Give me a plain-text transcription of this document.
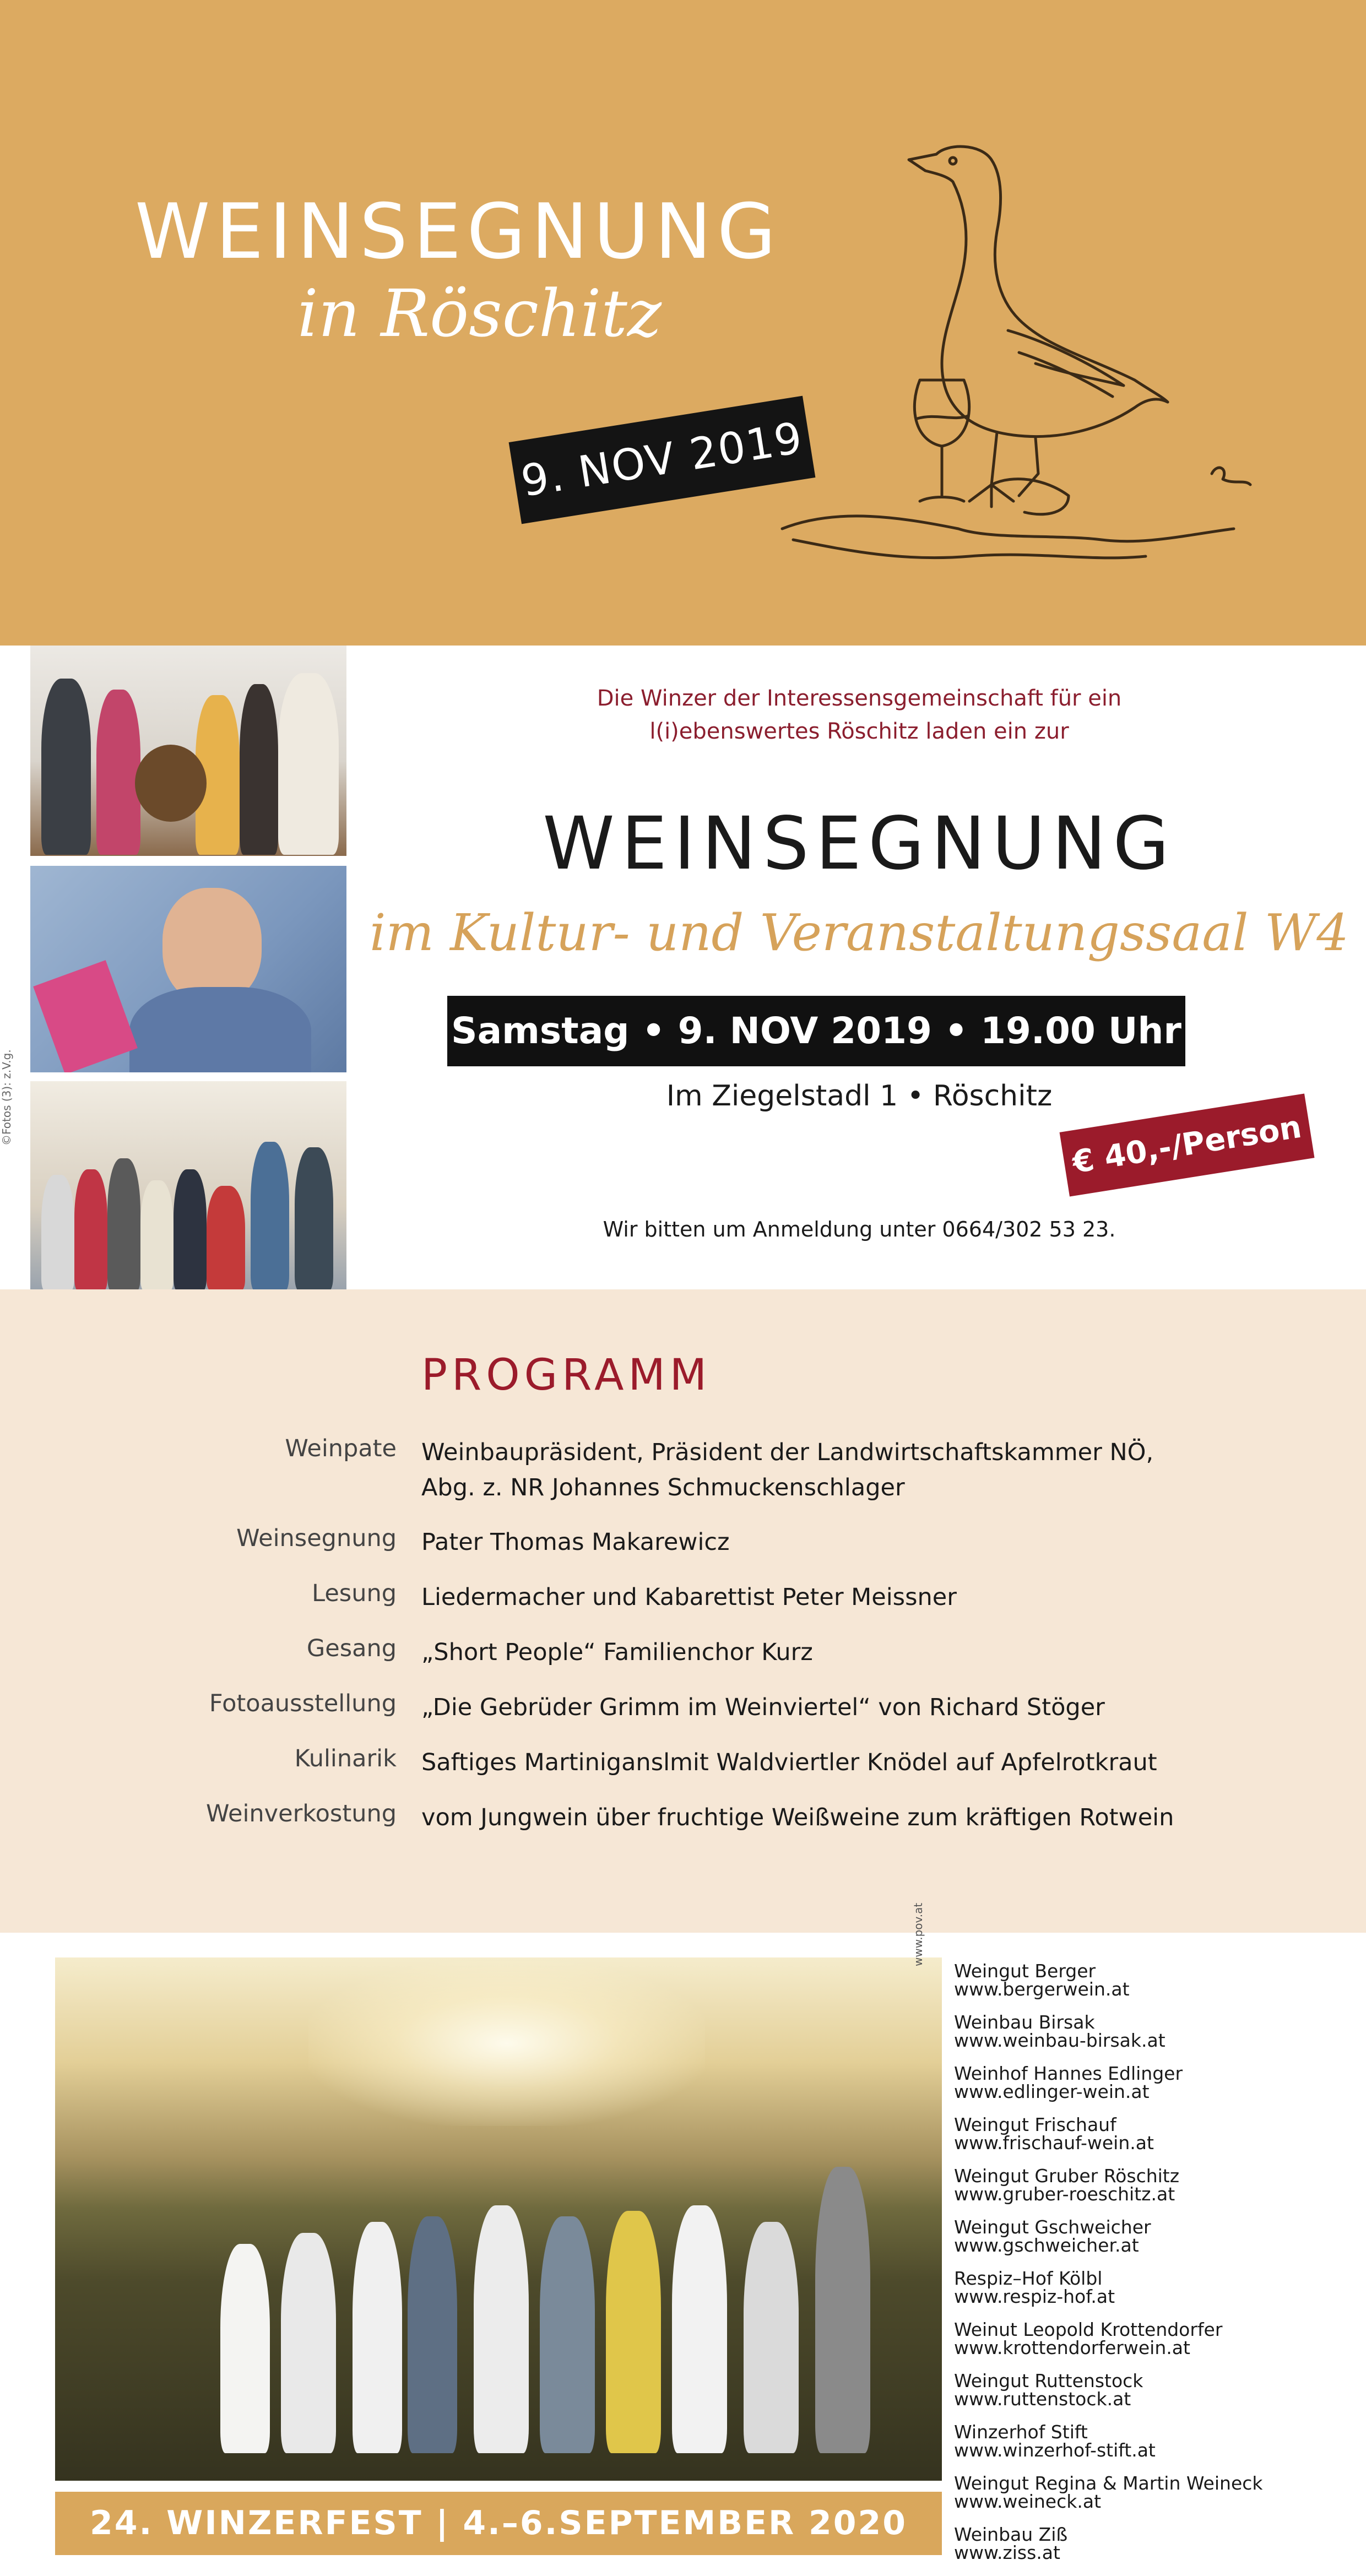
WEINSEGNUNG
in Röschitz
9. NOV 2019
©Fotos (3): z.V.g.
Die Winzer der Interessensgemeinschaft für ein
l(i)ebenswertes Röschitz laden ein zur
WEINSEGNUNG
im Kultur- und Veranstaltungssaal W4
Samstag • 9. NOV 2019 • 19.00 Uhr
Im Ziegelstadl 1 • Röschitz
€ 40,-/Person
Wir bitten um Anmeldung unter 0664/302 53 23.
PROGRAMM
Weinpate Weinbaupräsident, Präsident der Landwirtschaftskammer NÖ,
Abg. z. NR Johannes Schmuckenschlager
Weinsegnung Pater Thomas Makarewicz
Lesung Liedermacher und Kabarettist Peter Meissner
Gesang „Short People“ Familienchor Kurz
Fotoausstellung „Die Gebrüder Grimm im Weinviertel“ von Richard Stöger
Kulinarik Saftiges Martiniganslmit Waldviertler Knödel auf Apfelrotkraut
Weinverkostung vom Jungwein über fruchtige Weißweine zum kräftigen Rotwein
www.pov.at
24. WINZERFEST | 4.–6.SEPTEMBER 2020
Weingut Berger
www.bergerwein.at
Weinbau Birsak
www.weinbau-birsak.at
Weinhof Hannes Edlinger
www.edlinger-wein.at
Weingut Frischauf
www.frischauf-wein.at
Weingut Gruber Röschitz
www.gruber-roeschitz.at
Weingut Gschweicher
www.gschweicher.at
Respiz–Hof Kölbl
www.respiz-hof.at
Weinut Leopold Krottendorfer
www.krottendorferwein.at
Weingut Ruttenstock
www.ruttenstock.at
Winzerhof Stift
www.winzerhof-stift.at
Weingut Regina & Martin Weineck
www.weineck.at
Weinbau Ziß
www.ziss.at
